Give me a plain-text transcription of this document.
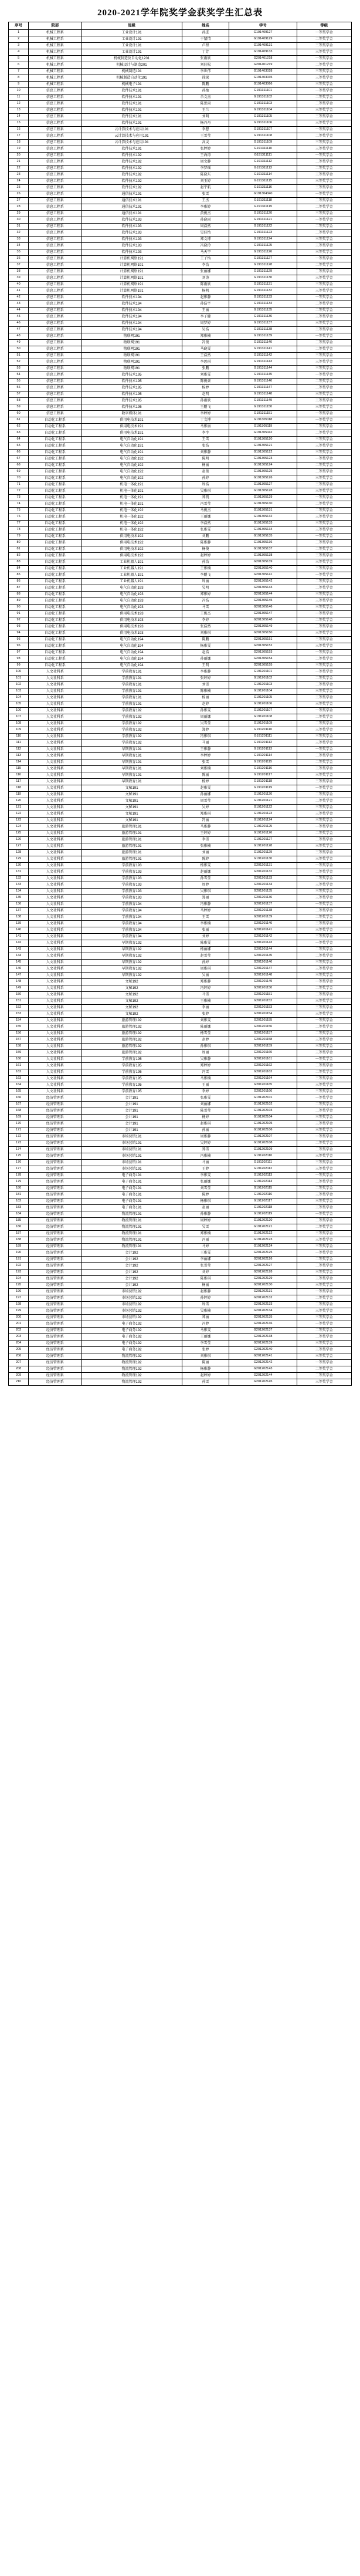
2020-2021学年院奖学金获奖学生汇总表
序号	院部	班级	姓名	学号	等级
1	机械工程系	工业设计191	孙进	G191409127	一等奖学金
2	机械工程系	工业设计191	于情情	G191409129	二等奖学金
3	机械工程系	工业设计191	卢程	G191409131	三等奖学金
4	机械工程系	工业设计191	丁芳	G191409133	三等奖学金
5	机械工程系	机械制造及自动化1201	张雨欣	G201401218	一等奖学金
6	机械工程系	机械设计与制造201	刘佳松	G201401219	二等奖学金
7	机械工程系	机械制造191	李世伟	G191403028	三等奖学金
8	机械工程系	机械制造自动化191	徐琛	G191403035	三等奖学金
9	机械工程系	机械电子191	陈鹏	G191403066	三等奖学金
10	信息工程系	软件技术191	孙灿	G191311101	一等奖学金
11	信息工程系	软件技术191	余文杰	G191311102	二等奖学金
12	信息工程系	软件技术191	陈思雨	G191311103	二等奖学金
13	信息工程系	软件技术191	王兰	G191311104	三等奖学金
14	信息工程系	软件技术191	刘明	G191311105	三等奖学金
15	信息工程系	软件技术191	杨丹丹	G191311106	三等奖学金
16	信息工程系	云计算技术与应用191	李想	G191311107	一等奖学金
17	信息工程系	云计算技术与应用191	王雪莹	G191311108	二等奖学金
18	信息工程系	云计算技术与应用191	高灵	G191311109	三等奖学金
19	信息工程系	软件技术191	张婷婷	G191311110	三等奖学金
20	信息工程系	软件技术192	王海涛	G191311111	一等奖学金
21	信息工程系	软件技术192	周文静	G191311112	二等奖学金
22	信息工程系	软件技术192	李梦瑶	G191311113	二等奖学金
23	信息工程系	软件技术192	陈晓东	G191311114	三等奖学金
24	信息工程系	软件技术192	刘玉婷	G191311115	三等奖学金
25	信息工程系	软件技术192	赵宇航	G191311116	三等奖学金
26	信息工程系	通信技术191	张雪	G191304340	一等奖学金
27	信息工程系	通信技术191	王杰	G191311118	二等奖学金
28	信息工程系	通信技术191	李雅婷	G191311119	二等奖学金
29	信息工程系	通信技术191	黄俊杰	G191311120	三等奖学金
30	信息工程系	软件技术193	孙晓雨	G191311121	一等奖学金
31	信息工程系	软件技术193	周浩然	G191311122	二等奖学金
32	信息工程系	软件技术193	吴佳怡	G191311123	二等奖学金
33	信息工程系	软件技术193	郑文博	G191311124	三等奖学金
34	信息工程系	软件技术193	冯晓玲	G191311125	三等奖学金
35	信息工程系	软件技术193	马天宇	G191311126	三等奖学金
36	信息工程系	计算机网络191	王子怡	G191311127	一等奖学金
37	信息工程系	计算机网络191	李浩	G191311128	二等奖学金
38	信息工程系	计算机网络191	张丽娜	G191311129	二等奖学金
39	信息工程系	计算机网络191	刘涛	G191311130	三等奖学金
40	信息工程系	计算机网络191	陈雨欣	G191311131	三等奖学金
41	信息工程系	计算机网络191	杨帆	G191311132	三等奖学金
42	信息工程系	软件技术194	赵雅静	G191311133	一等奖学金
43	信息工程系	软件技术194	孙浩宇	G191311134	二等奖学金
44	信息工程系	软件技术194	王丽	G191311135	二等奖学金
45	信息工程系	软件技术194	李子健	G191311136	三等奖学金
46	信息工程系	软件技术194	周梦婷	G191311137	三等奖学金
47	信息工程系	软件技术194	吴浩	G191311138	三等奖学金
48	信息工程系	物联网191	郑雅楠	G191311139	一等奖学金
49	信息工程系	物联网191	冯俊	G191311140	二等奖学金
50	信息工程系	物联网191	马晓雯	G191311141	二等奖学金
51	信息工程系	物联网191	王浩然	G191311142	三等奖学金
52	信息工程系	物联网191	李思琪	G191311143	三等奖学金
53	信息工程系	物联网191	张鹏	G191311144	三等奖学金
54	信息工程系	软件技术195	刘雅雯	G191311145	一等奖学金
55	信息工程系	软件技术195	陈俊豪	G191311146	二等奖学金
56	信息工程系	软件技术195	杨婷	G191311147	二等奖学金
57	信息工程系	软件技术195	赵明	G191311148	三等奖学金
58	信息工程系	软件技术195	孙雨欣	G191311149	三等奖学金
59	信息工程系	软件技术195	王鹏飞	G191311150	三等奖学金
60	信息工程系	数字媒体191	李婷婷	G191311151	一等奖学金
61	自动化工程系	供用电技术191	丁文博	G191305118	一等奖学金
62	自动化工程系	供用电技术191	马雅丽	G191305119	二等奖学金
63	自动化工程系	供用电技术191	李宇	G191305042	二等奖学金
64	自动化工程系	电气自动化191	王雪	G191305120	三等奖学金
65	自动化工程系	电气自动化191	张浩	G191305121	三等奖学金
66	自动化工程系	电气自动化191	刘雅静	G191305122	三等奖学金
67	自动化工程系	电气自动化192	陈明	G191305123	一等奖学金
68	自动化工程系	电气自动化192	杨丽	G191305124	二等奖学金
69	自动化工程系	电气自动化192	赵俊	G191305125	二等奖学金
70	自动化工程系	电气自动化192	孙婷	G191305126	三等奖学金
71	自动化工程系	机电一体化191	周浩	G191305127	三等奖学金
72	自动化工程系	机电一体化191	吴雅琪	G191305128	三等奖学金
73	自动化工程系	机电一体化191	郑凯	G191305129	一等奖学金
74	自动化工程系	机电一体化191	冯雪莹	G191305130	二等奖学金
75	自动化工程系	机电一体化192	马俊杰	G191305131	二等奖学金
76	自动化工程系	机电一体化192	王丽娜	G191305132	三等奖学金
77	自动化工程系	机电一体化192	李浩然	G191305133	三等奖学金
78	自动化工程系	机电一体化192	张雅雯	G191305134	三等奖学金
79	自动化工程系	供用电技术192	刘鹏	G191305135	一等奖学金
80	自动化工程系	供用电技术192	陈雅静	G191305136	二等奖学金
81	自动化工程系	供用电技术192	杨俊	G191305137	二等奖学金
82	自动化工程系	供用电技术192	赵婷婷	G191305138	三等奖学金
83	自动化工程系	工业机器人191	孙浩	G201305139	三等奖学金
84	自动化工程系	工业机器人191	王雅楠	G201305140	三等奖学金
85	自动化工程系	工业机器人191	李鹏飞	G201305141	一等奖学金
86	自动化工程系	工业机器人191	周丽	G201305142	二等奖学金
87	自动化工程系	电气自动化193	吴明	G201305143	二等奖学金
88	自动化工程系	电气自动化193	郑雅婷	G201305144	三等奖学金
89	自动化工程系	电气自动化193	冯浩	G201305145	三等奖学金
90	自动化工程系	电气自动化193	马雪	G201305146	三等奖学金
91	自动化工程系	供用电技术193	王俊杰	G201305147	一等奖学金
92	自动化工程系	供用电技术193	李婷	G201305148	二等奖学金
93	自动化工程系	供用电技术193	张浩然	G201305149	二等奖学金
94	自动化工程系	供用电技术193	刘雅琪	G201305150	三等奖学金
95	自动化工程系	电气自动化194	陈鹏	G201305151	三等奖学金
96	自动化工程系	电气自动化194	杨雅雯	G201305152	三等奖学金
97	自动化工程系	电气自动化194	赵浩	G201305153	一等奖学金
98	自动化工程系	电气自动化194	孙丽娜	G201305154	二等奖学金
99	自动化工程系	电气自动化194	王明	G201305155	三等奖学金
100	人文社科系	学前教育191	李雅静	G191201101	一等奖学金
101	人文社科系	学前教育191	张婷婷	G191201102	二等奖学金
102	人文社科系	学前教育191	刘雪	G191201103	二等奖学金
103	人文社科系	学前教育191	陈雅楠	G191201104	三等奖学金
104	人文社科系	学前教育191	杨丽	G191201105	三等奖学金
105	人文社科系	学前教育191	赵婷	G191201106	三等奖学金
106	人文社科系	学前教育192	孙雅雯	G191201107	一等奖学金
107	人文社科系	学前教育192	周丽娜	G191201108	二等奖学金
108	人文社科系	学前教育192	吴雪莹	G191201109	二等奖学金
109	人文社科系	学前教育192	郑婷	G191201110	三等奖学金
110	人文社科系	学前教育192	冯雅琪	G191201111	三等奖学金
111	人文社科系	学前教育192	马丽	G191201112	三等奖学金
112	人文社科系	早期教育191	王雅静	G191201113	一等奖学金
113	人文社科系	早期教育191	李婷婷	G191201114	二等奖学金
114	人文社科系	早期教育191	张雪	G191201115	二等奖学金
115	人文社科系	早期教育191	刘雅楠	G191201116	三等奖学金
116	人文社科系	早期教育191	陈丽	G191201117	三等奖学金
117	人文社科系	早期教育191	杨婷	G191201118	三等奖学金
118	人文社科系	文秘191	赵雅雯	G191201119	一等奖学金
119	人文社科系	文秘191	孙丽娜	G191201120	二等奖学金
120	人文社科系	文秘191	周雪莹	G191201121	二等奖学金
121	人文社科系	文秘191	吴婷	G191201122	三等奖学金
122	人文社科系	文秘191	郑雅琪	G191201123	三等奖学金
123	人文社科系	文秘191	冯丽	G191201124	三等奖学金
124	人文社科系	旅游管理191	马雅静	G191201125	一等奖学金
125	人文社科系	旅游管理191	王婷婷	G191201126	二等奖学金
126	人文社科系	旅游管理191	李雪	G191201127	二等奖学金
127	人文社科系	旅游管理191	张雅楠	G191201128	三等奖学金
128	人文社科系	旅游管理191	刘丽	G191201129	三等奖学金
129	人文社科系	旅游管理191	陈婷	G191201130	三等奖学金
130	人文社科系	学前教育193	杨雅雯	G201201131	一等奖学金
131	人文社科系	学前教育193	赵丽娜	G201201132	二等奖学金
132	人文社科系	学前教育193	孙雪莹	G201201133	二等奖学金
133	人文社科系	学前教育193	周婷	G201201134	三等奖学金
134	人文社科系	学前教育193	吴雅琪	G201201135	三等奖学金
135	人文社科系	学前教育193	郑丽	G201201136	三等奖学金
136	人文社科系	学前教育194	冯雅静	G201201137	一等奖学金
137	人文社科系	学前教育194	马婷婷	G201201138	二等奖学金
138	人文社科系	学前教育194	王雪	G201201139	二等奖学金
139	人文社科系	学前教育194	李雅楠	G201201140	三等奖学金
140	人文社科系	学前教育194	张丽	G201201141	三等奖学金
141	人文社科系	学前教育194	刘婷	G201201142	三等奖学金
142	人文社科系	早期教育192	陈雅雯	G201201143	一等奖学金
143	人文社科系	早期教育192	杨丽娜	G201201144	二等奖学金
144	人文社科系	早期教育192	赵雪莹	G201201145	二等奖学金
145	人文社科系	早期教育192	孙婷	G201201146	三等奖学金
146	人文社科系	早期教育192	周雅琪	G201201147	三等奖学金
147	人文社科系	早期教育192	吴丽	G201201148	三等奖学金
148	人文社科系	文秘192	郑雅静	G201201149	一等奖学金
149	人文社科系	文秘192	冯婷婷	G201201150	二等奖学金
150	人文社科系	文秘192	马雪	G201201151	二等奖学金
151	人文社科系	文秘192	王雅楠	G201201152	三等奖学金
152	人文社科系	文秘192	李丽	G201201153	三等奖学金
153	人文社科系	文秘192	张婷	G201201154	三等奖学金
154	人文社科系	旅游管理192	刘雅雯	G201201155	一等奖学金
155	人文社科系	旅游管理192	陈丽娜	G201201156	二等奖学金
156	人文社科系	旅游管理192	杨雪莹	G201201157	二等奖学金
157	人文社科系	旅游管理192	赵婷	G201201158	三等奖学金
158	人文社科系	旅游管理192	孙雅琪	G201201159	三等奖学金
159	人文社科系	旅游管理192	周丽	G201201160	三等奖学金
160	人文社科系	学前教育195	吴雅静	G201201161	一等奖学金
161	人文社科系	学前教育195	郑婷婷	G201201162	二等奖学金
162	人文社科系	学前教育195	冯雪	G201201163	二等奖学金
163	人文社科系	学前教育195	马雅楠	G201201164	三等奖学金
164	人文社科系	学前教育195	王丽	G201201165	三等奖学金
165	人文社科系	学前教育195	李婷	G201201166	三等奖学金
166	经济管理系	会计191	张雅雯	G191202101	一等奖学金
167	经济管理系	会计191	刘丽娜	G191202102	二等奖学金
168	经济管理系	会计191	陈雪莹	G191202103	二等奖学金
169	经济管理系	会计191	杨婷	G191202104	三等奖学金
170	经济管理系	会计191	赵雅琪	G191202105	三等奖学金
171	经济管理系	会计191	孙丽	G191202106	三等奖学金
172	经济管理系	市场营销191	周雅静	G191202107	一等奖学金
173	经济管理系	市场营销191	吴婷婷	G191202108	二等奖学金
174	经济管理系	市场营销191	郑雪	G191202109	二等奖学金
175	经济管理系	市场营销191	冯雅楠	G191202110	三等奖学金
176	经济管理系	市场营销191	马丽	G191202111	三等奖学金
177	经济管理系	市场营销191	王婷	G191202112	三等奖学金
178	经济管理系	电子商务191	李雅雯	G191202113	一等奖学金
179	经济管理系	电子商务191	张丽娜	G191202114	二等奖学金
180	经济管理系	电子商务191	刘雪莹	G191202115	二等奖学金
181	经济管理系	电子商务191	陈婷	G191202116	三等奖学金
182	经济管理系	电子商务191	杨雅琪	G191202117	三等奖学金
183	经济管理系	电子商务191	赵丽	G191202118	三等奖学金
184	经济管理系	物流管理191	孙雅静	G191202119	一等奖学金
185	经济管理系	物流管理191	周婷婷	G191202120	二等奖学金
186	经济管理系	物流管理191	吴雪	G191202121	二等奖学金
187	经济管理系	物流管理191	郑雅楠	G191202122	三等奖学金
188	经济管理系	物流管理191	冯丽	G191202123	三等奖学金
189	经济管理系	物流管理191	马婷	G191202124	三等奖学金
190	经济管理系	会计192	王雅雯	G201202125	一等奖学金
191	经济管理系	会计192	李丽娜	G201202126	二等奖学金
192	经济管理系	会计192	张雪莹	G201202127	二等奖学金
193	经济管理系	会计192	刘婷	G201202128	三等奖学金
194	经济管理系	会计192	陈雅琪	G201202129	三等奖学金
195	经济管理系	会计192	杨丽	G201202130	三等奖学金
196	经济管理系	市场营销192	赵雅静	G201202131	一等奖学金
197	经济管理系	市场营销192	孙婷婷	G201202132	二等奖学金
198	经济管理系	市场营销192	周雪	G201202133	二等奖学金
199	经济管理系	市场营销192	吴雅楠	G201202134	三等奖学金
200	经济管理系	市场营销192	郑丽	G201202135	三等奖学金
201	经济管理系	电子商务192	冯婷	G201202136	一等奖学金
202	经济管理系	电子商务192	马雅雯	G201202137	二等奖学金
203	经济管理系	电子商务192	王丽娜	G201202138	二等奖学金
204	经济管理系	电子商务192	李雪莹	G201202139	三等奖学金
205	经济管理系	电子商务192	张婷	G201202140	三等奖学金
206	经济管理系	物流管理192	刘雅琪	G201202141	三等奖学金
207	经济管理系	物流管理192	陈丽	G201202142	一等奖学金
208	经济管理系	物流管理192	杨雅静	G201202143	二等奖学金
209	经济管理系	物流管理192	赵婷婷	G201202144	二等奖学金
210	经济管理系	物流管理192	孙雪	G201202145	三等奖学金
